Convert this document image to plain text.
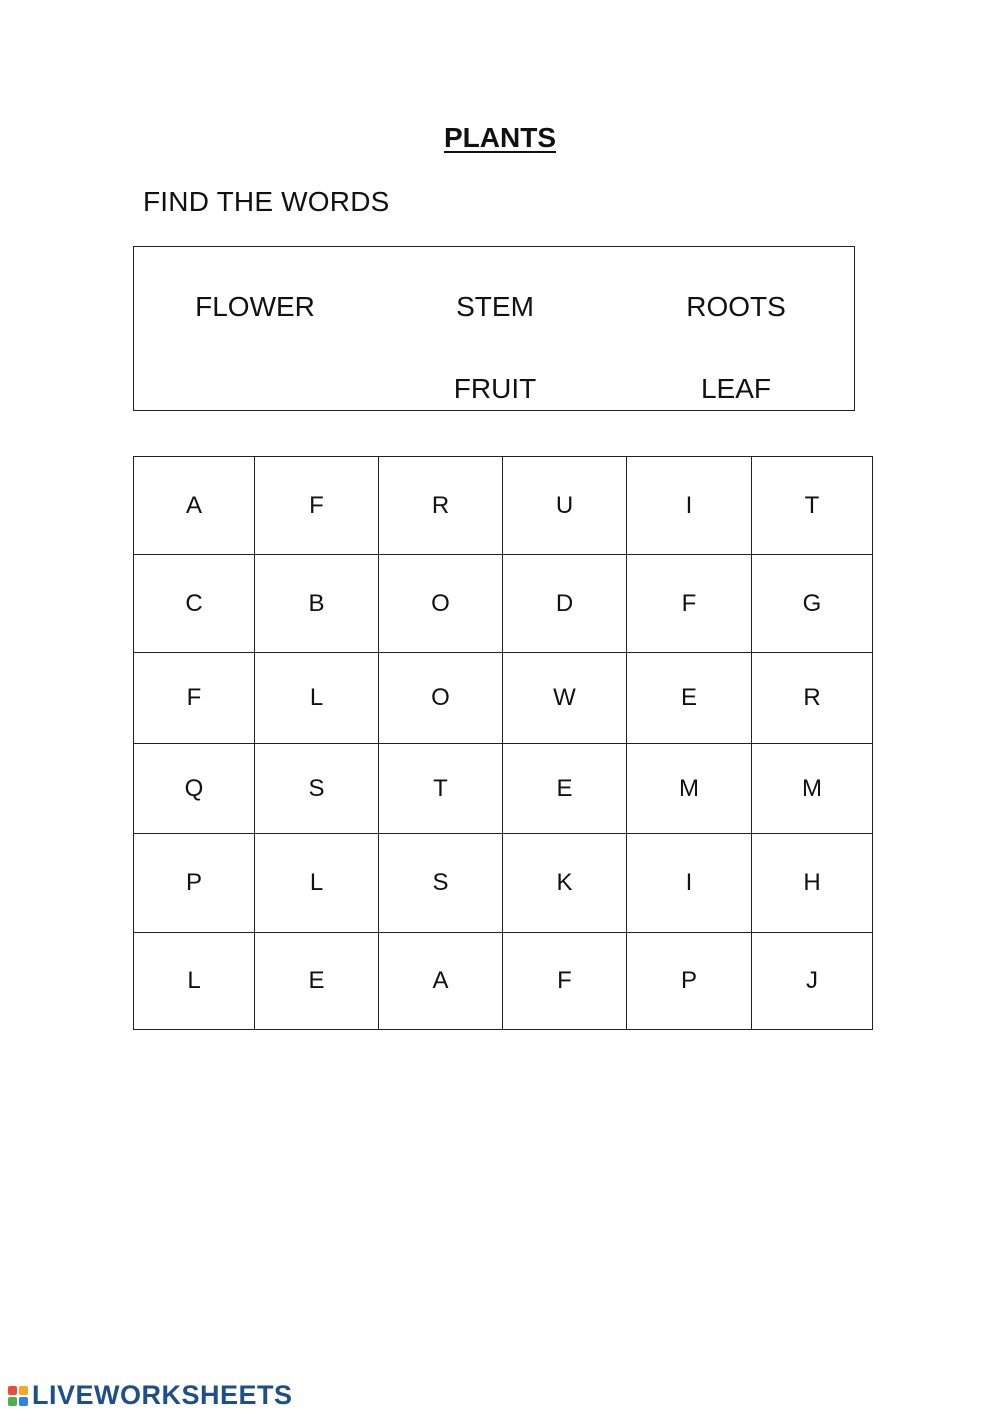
PLANTS
FIND THE WORDS
FLOWER	STEM	ROOTS
FRUIT	LEAF
A	F	R	U	I	T
C	B	O	D	F	G
F	L	O	W	E	R
Q	S	T	E	M	M
P	L	S	K	I	H
L	E	A	F	P	J
LIVEWORKSHEETS
